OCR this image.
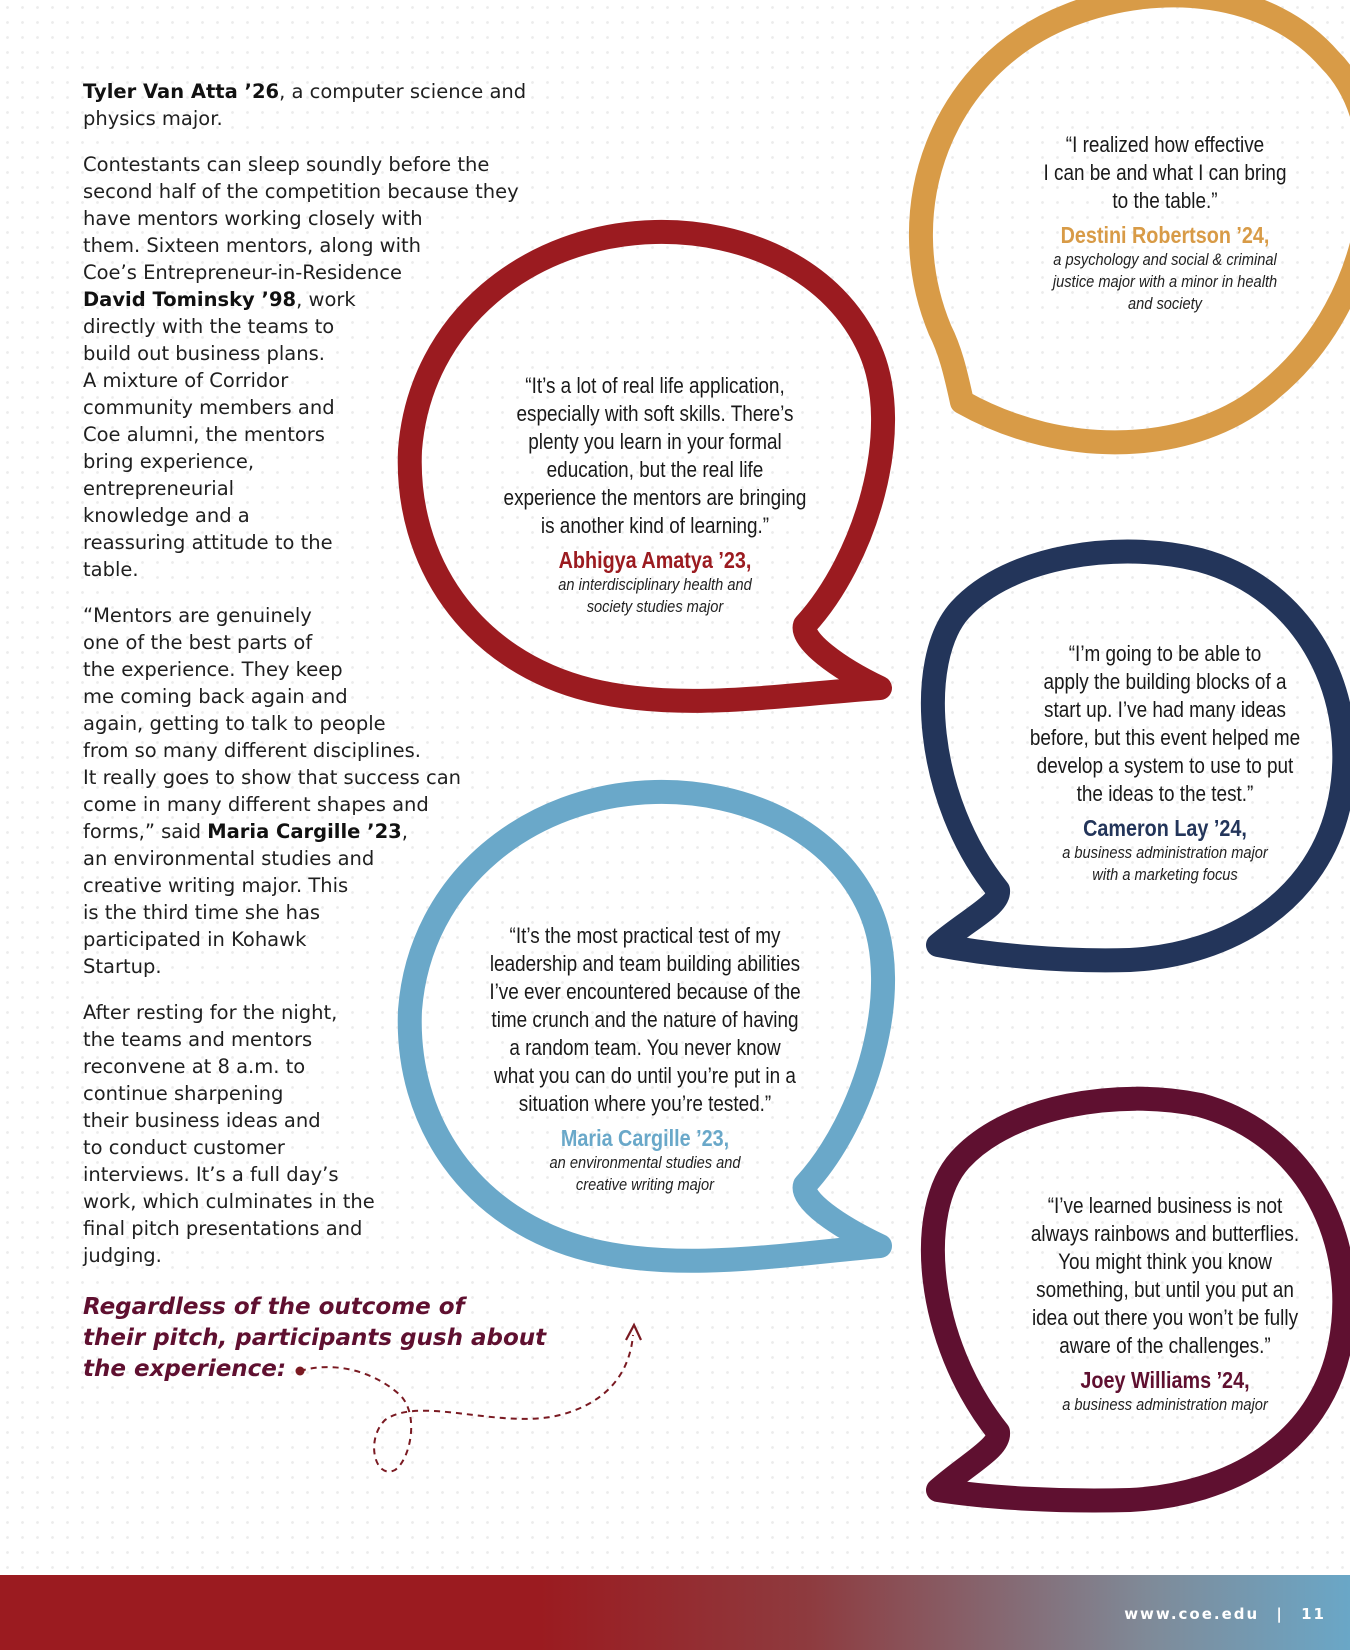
Tyler Van Atta ’26, a computer science and
physics major.

Contestants can sleep soundly before the
second half of the competition because they
have mentors working closely with
them. Sixteen mentors, along with
Coe’s Entrepreneur-in-Residence
David Tominsky ’98, work
directly with the teams to
build out business plans.
A mixture of Corridor
community members and
Coe alumni, the mentors
bring experience,
entrepreneurial
knowledge and a
reassuring attitude to the
table.

“Mentors are genuinely
one of the best parts of
the experience. They keep
me coming back again and
again, getting to talk to people
from so many different disciplines.
It really goes to show that success can
come in many different shapes and
forms,” said Maria Cargille ’23,
an environmental studies and
creative writing major. This
is the third time she has
participated in Kohawk
Startup.

After resting for the night,
the teams and mentors
reconvene at 8 a.m. to
continue sharpening
their business ideas and
to conduct customer
interviews. It’s a full day’s
work, which culminates in the
final pitch presentations and
judging.

Regardless of the outcome of
their pitch, participants gush about
the experience:
“I realized how effective
I can be and what I can bring
to the table.”
Destini Robertson ’24,
a psychology and social & criminal
justice major with a minor in health
and society
“It’s a lot of real life application,
especially with soft skills. There’s
plenty you learn in your formal
education, but the real life
experience the mentors are bringing
is another kind of learning.”
Abhigya Amatya ’23,
an interdisciplinary health and
society studies major
“I’m going to be able to
apply the building blocks of a
start up. I’ve had many ideas
before, but this event helped me
develop a system to use to put
the ideas to the test.”
Cameron Lay ’24,
a business administration major
with a marketing focus
“It’s the most practical test of my
leadership and team building abilities
I’ve ever encountered because of the
time crunch and the nature of having
a random team. You never know
what you can do until you’re put in a
situation where you’re tested.”
Maria Cargille ’23,
an environmental studies and
creative writing major
“I’ve learned business is not
always rainbows and butterflies.
You might think you know
something, but until you put an
idea out there you won’t be fully
aware of the challenges.”
Joey Williams ’24,
a business administration major
www.coe.edu | 11
